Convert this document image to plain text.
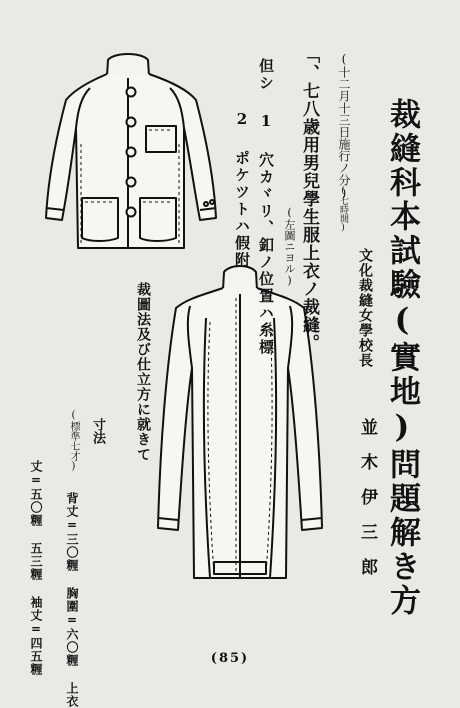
裁縫科本試驗(實地)問題解き方
文化裁縫女學校長
並木伊三郎
(十二月十三日施行ノ分)
(七時間)
「、七八歳用男兒學生服上衣ノ裁縫。
(左圖ニヨル)
但シ 1 穴カヾリ、釦ノ位置ハ糸標
2 ポケツトハ假附
裁圖法及び仕立方に就きて
寸法
(標準七才)
背丈=三〇糎 胸圍=六〇糎 上衣
丈=五〇糎 五三糎 袖丈=四五糎	(85)
